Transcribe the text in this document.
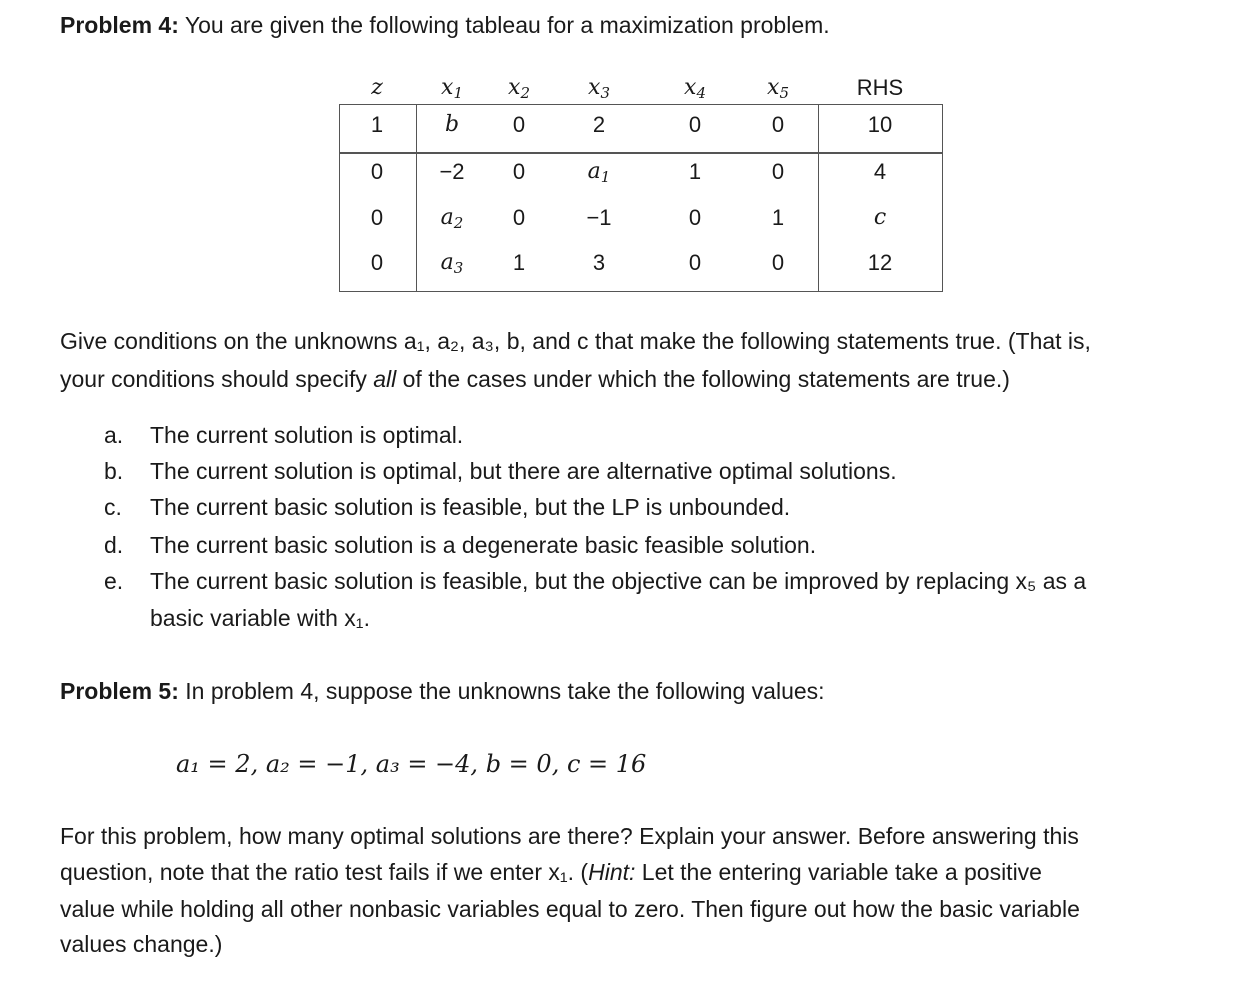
Problem 4: You are given the following tableau for a maximization problem.
z	$x_1$	$x_2$	$x_3$	$x_4$	$x_5$	RHS
1	b	0	2	0	0	10
0	−2	0	$a_1$	1	0	4
0	$a_2$	0	−1	0	1	c
0	$a_3$	1	3	0	0	12
Give conditions on the unknowns a₁, a₂, a₃, b, and c that make the following statements true. (That is,
your conditions should specify all of the cases under which the following statements are true.)
a. The current solution is optimal.
b. The current solution is optimal, but there are alternative optimal solutions.
c. The current basic solution is feasible, but the LP is unbounded.
d. The current basic solution is a degenerate basic feasible solution.
e. The current basic solution is feasible, but the objective can be improved by replacing x₅ as a
basic variable with x₁.
Problem 5: In problem 4, suppose the unknowns take the following values:
a₁ = 2, a₂ = −1, a₃ = −4, b = 0, c = 16
For this problem, how many optimal solutions are there? Explain your answer. Before answering this
question, note that the ratio test fails if we enter x₁. (Hint: Let the entering variable take a positive
value while holding all other nonbasic variables equal to zero. Then figure out how the basic variable
values change.)
